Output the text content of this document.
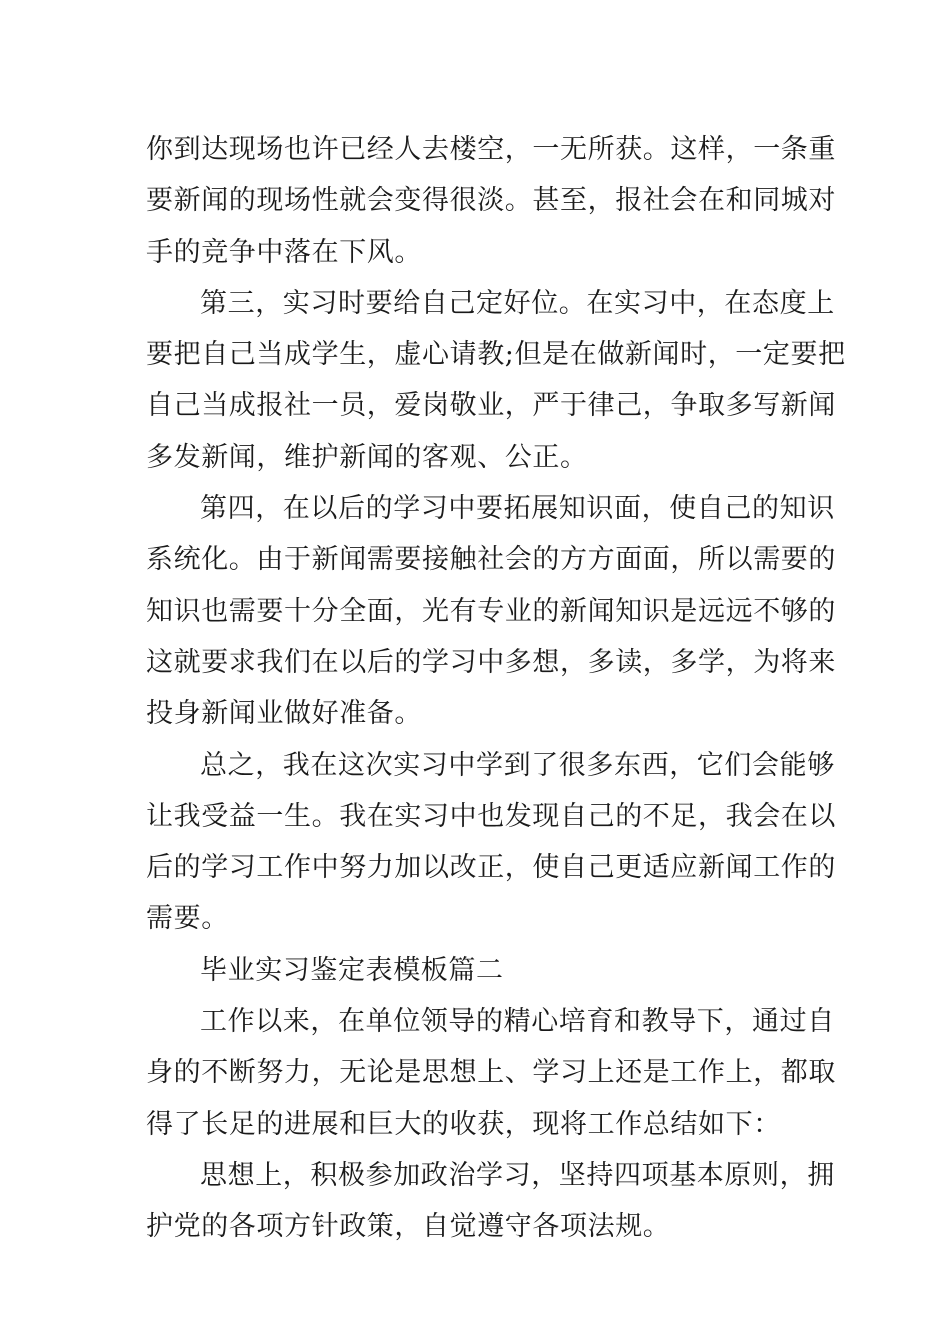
你到达现场也许已经人去楼空，一无所获。这样，一条重
要新闻的现场性就会变得很淡。甚至，报社会在和同城对
手的竞争中落在下风。
第三，实习时要给自己定好位。在实习中，在态度上
要把自己当成学生，虚心请教;但是在做新闻时，一定要把
自己当成报社一员，爱岗敬业，严于律己，争取多写新闻
多发新闻，维护新闻的客观、公正。
第四，在以后的学习中要拓展知识面，使自己的知识
系统化。由于新闻需要接触社会的方方面面，所以需要的
知识也需要十分全面，光有专业的新闻知识是远远不够的
这就要求我们在以后的学习中多想，多读，多学，为将来
投身新闻业做好准备。
总之，我在这次实习中学到了很多东西，它们会能够
让我受益一生。我在实习中也发现自己的不足，我会在以
后的学习工作中努力加以改正，使自己更适应新闻工作的
需要。
毕业实习鉴定表模板篇二
工作以来，在单位领导的精心培育和教导下，通过自
身的不断努力，无论是思想上、学习上还是工作上，都取
得了长足的进展和巨大的收获，现将工作总结如下：
思想上，积极参加政治学习，坚持四项基本原则，拥
护党的各项方针政策，自觉遵守各项法规。
